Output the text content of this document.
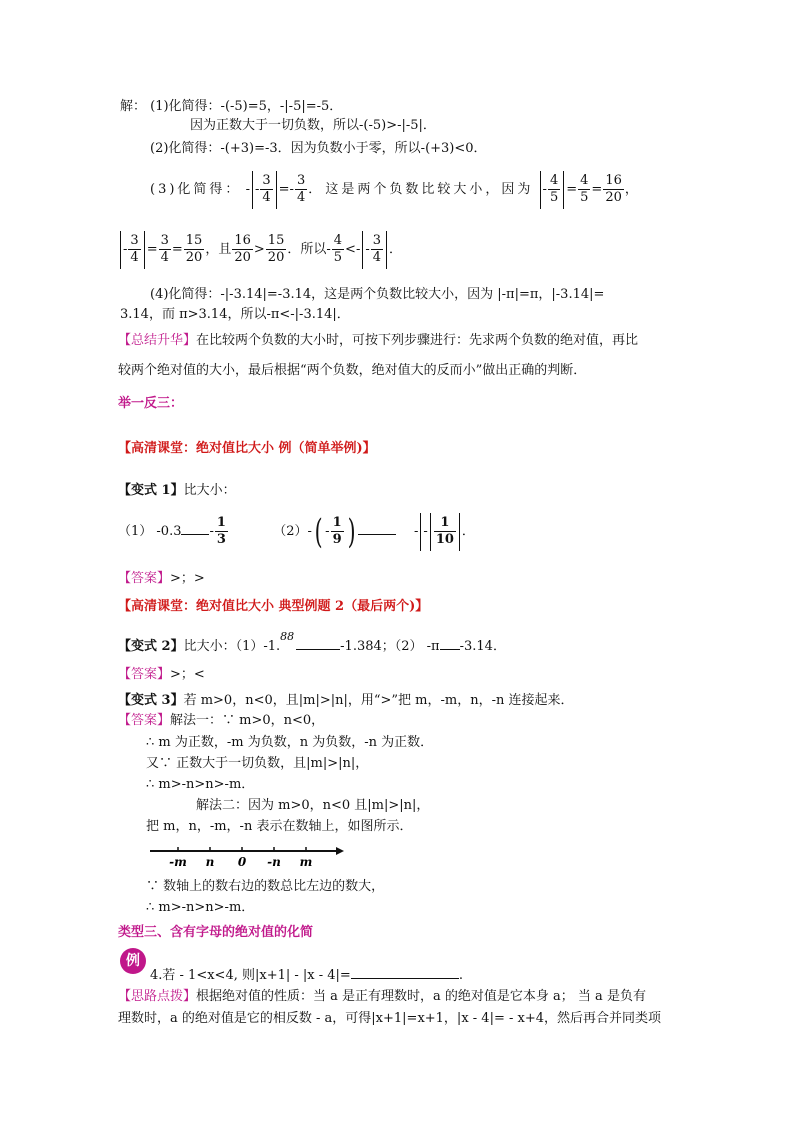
解： (1)化简得：-(-5)=5，-|-5|=-5．
因为正数大于一切负数，所以-(-5)>-|-5|．
(2)化简得：-(+3)=-3．因为负数小于零，所以-(+3)<0．
(3)化简得： - - $\frac{3}{4} =- \frac{3}{4}$ ． 这是两个负数比较大小，因为 - $\frac{4}{5} = \frac{4}{5} = \frac{16}{20}$ ，
- $\frac{3}{4} = \frac{3}{4} = \frac{15}{20}$ ，且 $\frac{16}{20} > \frac{15}{20}$ ．所以- $\frac{4}{5}$ <- - $\frac{3}{4}$ ．
(4)化简得：-|-3.14|=-3.14，这是两个负数比较大小，因为 |-π|=π，|-3.14|=
3.14，而 π>3.14，所以-π<-|-3.14|．
【总结升华】在比较两个负数的大小时，可按下列步骤进行：先求两个负数的绝对值，再比
较两个绝对值的大小，最后根据“两个负数，绝对值大的反而小”做出正确的判断．
举一反三：
【高清课堂：绝对值比大小 例（简单举例)】
【变式 1】比大小：
（1） $-0.3 - \frac{1}{3}$	$(2)-( - \frac{1}{9}$ )	- - $\frac{1}{10}$ ．
【答案】>；>
【高清课堂：绝对值比大小 典型例题 2（最后两个)】
【变式 2】比大小：（1）-1.
88
-1.384；（2） -π -3.14．
【答案】>；<
【变式 3】若 m>0，n<0，且|m|>|n|，用“>”把 m，-m，n，-n 连接起来．
【答案】解法一：∵ m>0，n<0，
∴ m 为正数，-m 为负数，n 为负数，-n 为正数．
又∵ 正数大于一切负数，且|m|>|n|，
∴ m>-n>n>-m．
解法二：因为 m>0，n<0 且|m|>|n|，
把 m，n，-m，-n 表示在数轴上，如图所示．
-m n 0 -n m
∵ 数轴上的数右边的数总比左边的数大，
∴ m>-n>n>-m．
类型三、含有字母的绝对值的化简
例
4.若 - 1<x<4, 则|x+1| - |x - 4|=	.
【思路点拨】根据绝对值的性质：当 a 是正有理数时，a 的绝对值是它本身 a； 当 a 是负有
理数时，a 的绝对值是它的相反数 - a，可得|x+1|=x+1，|x - 4|= - x+4，然后再合并同类项
